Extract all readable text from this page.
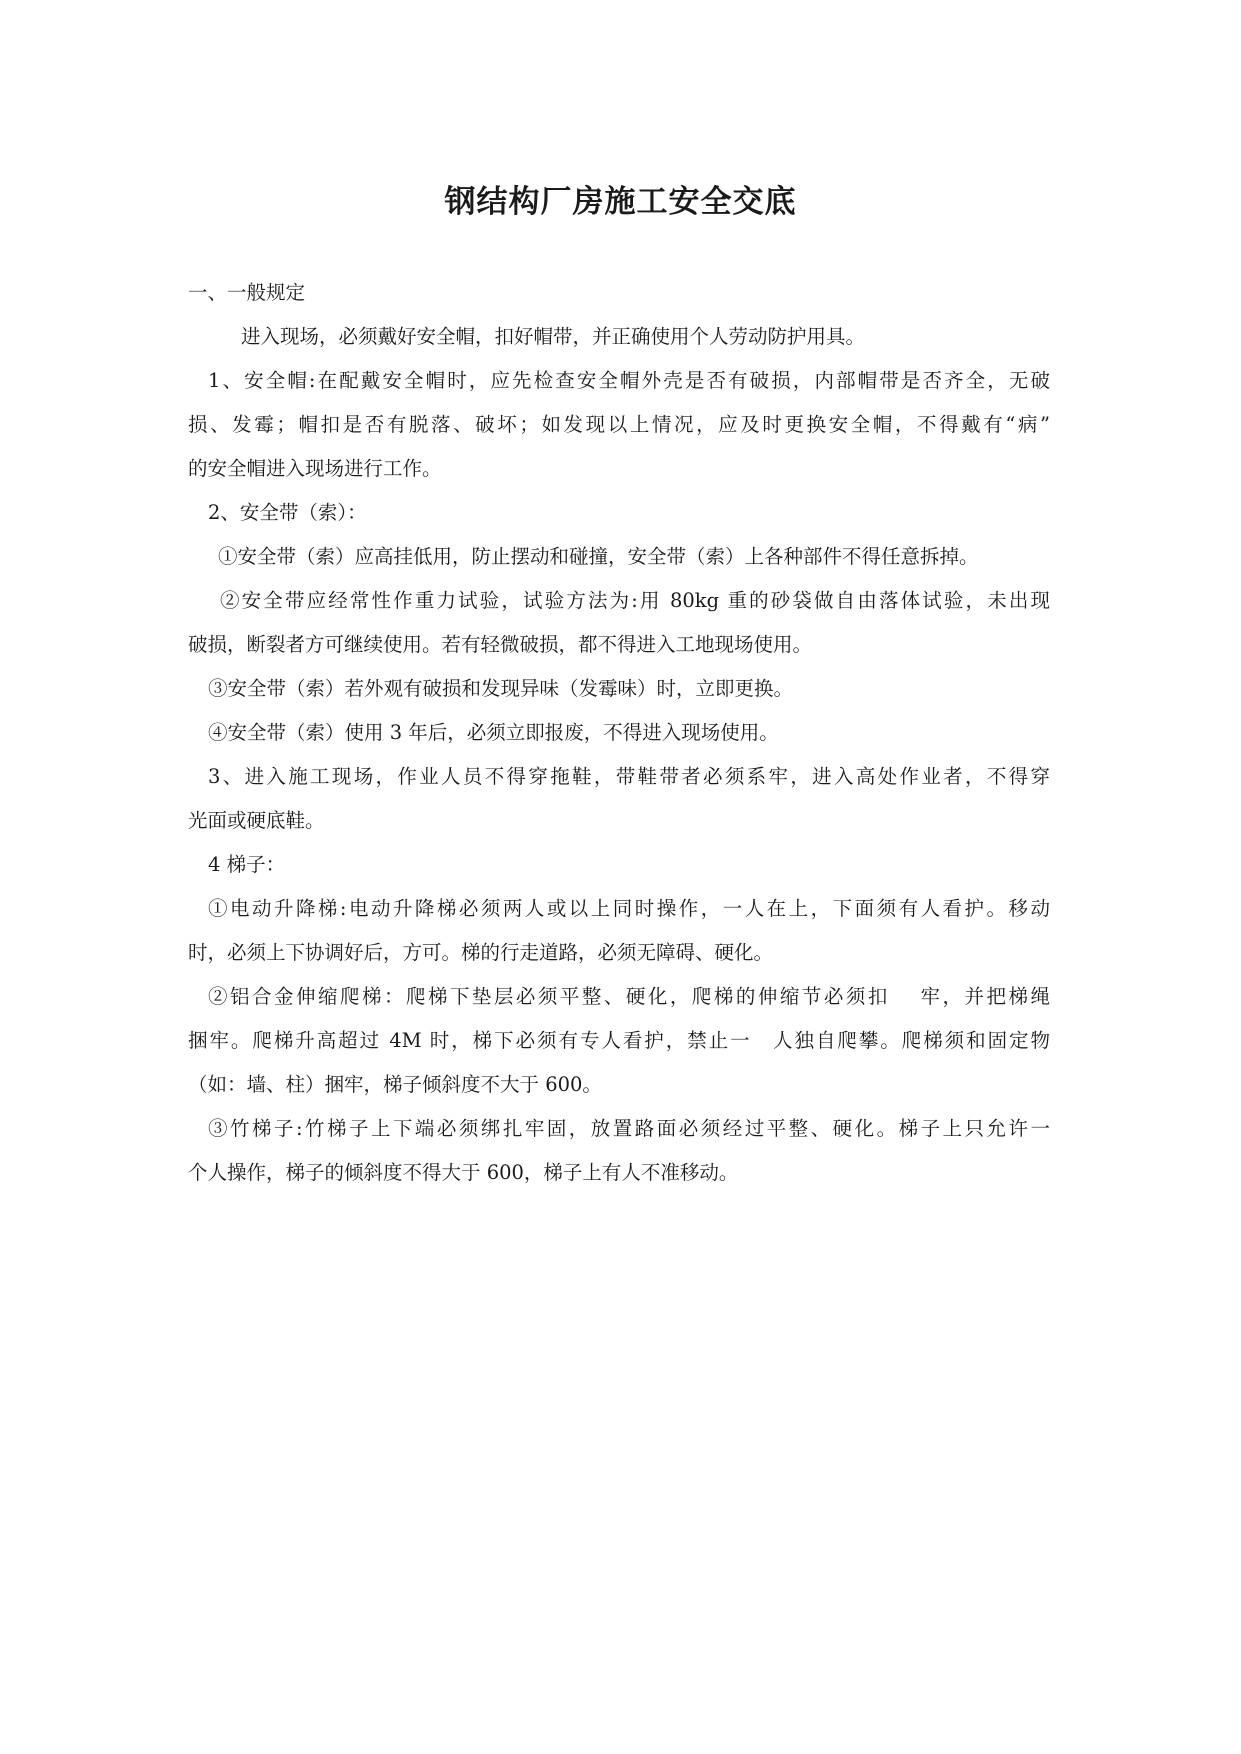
钢结构厂房施工安全交底

一、一般规定

进入现场，必须戴好安全帽，扣好帽带，并正确使用个人劳动防护用具。

1、安全帽:在配戴安全帽时，应先检查安全帽外壳是否有破损，内部帽带是否齐全，无破

损、发霉；帽扣是否有脱落、破坏；如发现以上情况，应及时更换安全帽，不得戴有“病”

的安全帽进入现场进行工作。

2、安全带（索）：

①安全带（索）应高挂低用，防止摆动和碰撞，安全带（索）上各种部件不得任意拆掉。

②安全带应经常性作重力试验，试验方法为:用 80kg 重的砂袋做自由落体试验，未出现

破损，断裂者方可继续使用。若有轻微破损，都不得进入工地现场使用。

③安全带（索）若外观有破损和发现异味（发霉味）时，立即更换。

④安全带（索）使用 3 年后，必须立即报废，不得进入现场使用。

3、进入施工现场，作业人员不得穿拖鞋，带鞋带者必须系牢，进入高处作业者，不得穿

光面或硬底鞋。

4 梯子：

①电动升降梯:电动升降梯必须两人或以上同时操作，一人在上，下面须有人看护。移动

时，必须上下协调好后，方可。梯的行走道路，必须无障碍、硬化。

②铝合金伸缩爬梯：爬梯下垫层必须平整、硬化，爬梯的伸缩节必须扣　 牢，并把梯绳

捆牢。爬梯升高超过 4M 时，梯下必须有专人看护，禁止一　人独自爬攀。爬梯须和固定物

（如：墙、柱）捆牢，梯子倾斜度不大于 600。

③竹梯子:竹梯子上下端必须绑扎牢固，放置路面必须经过平整、硬化。梯子上只允许一

个人操作，梯子的倾斜度不得大于 600，梯子上有人不准移动。
